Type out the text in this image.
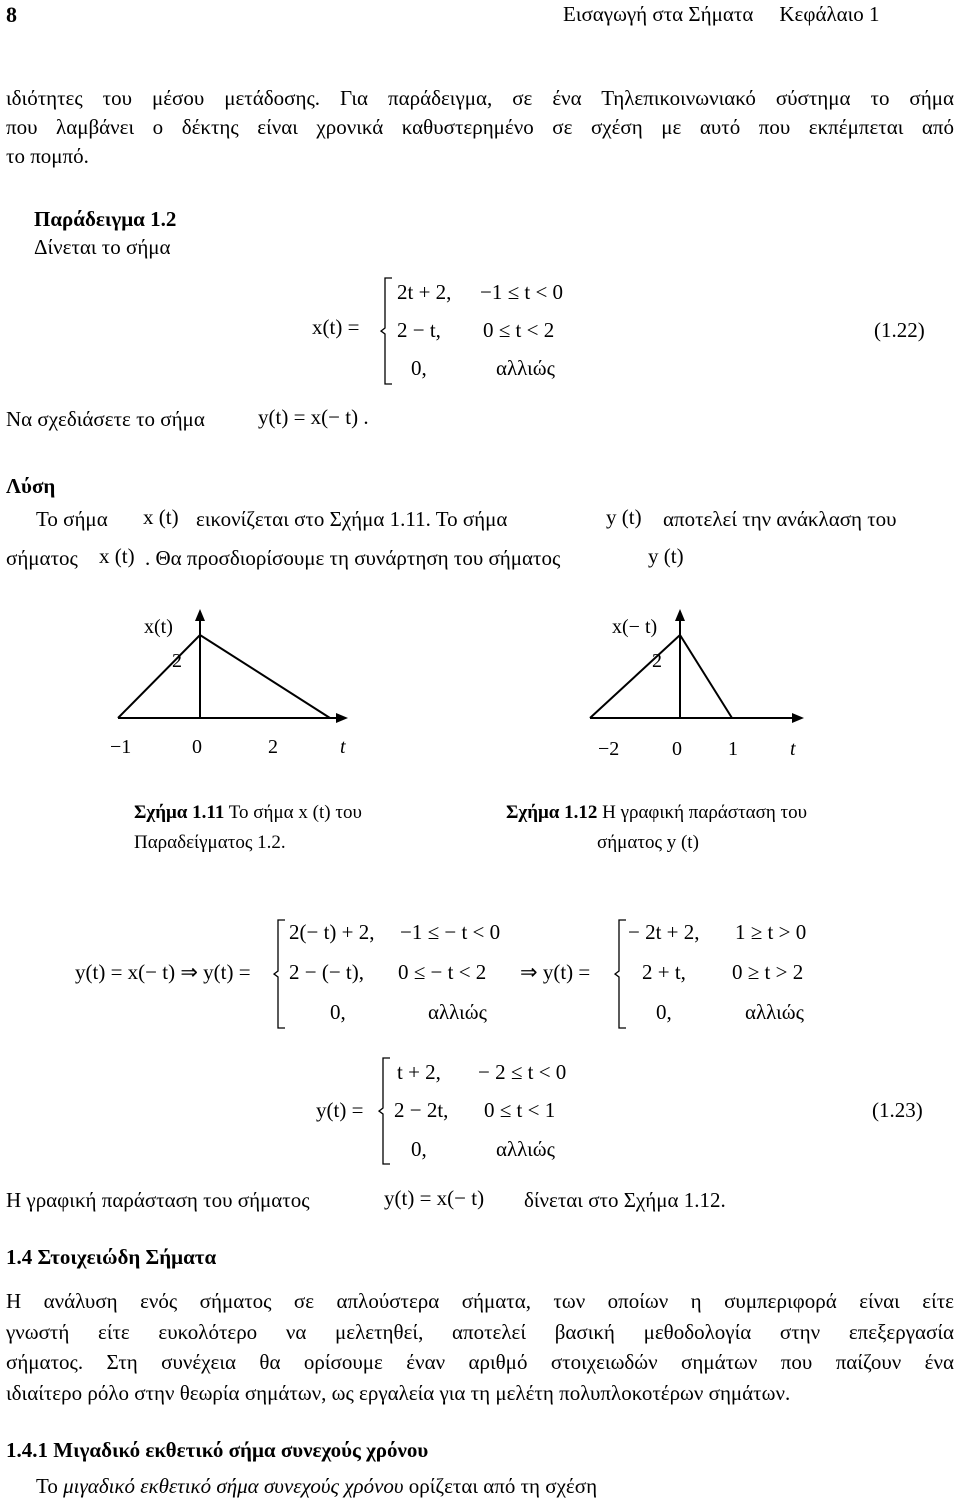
8	Εισαγωγή στα Σήματα Κεφάλαιο 1
ιδιότητες του μέσου μετάδοσης. Για παράδειγμα, σε ένα Τηλεπικοινωνιακό σύστημα το σήμα
που λαμβάνει ο δέκτης είναι χρονικά καθυστερημένο σε σχέση με αυτό που εκπέμπεται από
το πομπό.
Παράδειγμα 1.2
Δίνεται το σήμα
x(t) =
2t + 2, −1 ≤ t < 0
2 − t, 0 ≤ t < 2
0,	αλλιώς
(1.22)
Να σχεδιάσετε το σήμα	y(t) = x(− t) .
Λύση
Το σήμα x (t) εικονίζεται στο Σχήμα 1.11. Το σήμα	y (t) αποτελεί την ανάκλαση του
σήματος x (t) . Θα προσδιορίσουμε τη συνάρτηση του σήματος	y (t)
x(t)
2
−1	0	2	t
x(− t)
2
−2	0 1	t
Σχήμα 1.11 Το σήμα x (t) του
Παραδείγματος 1.2.
Σχήμα 1.12 Η γραφική παράσταση του
σήματος y (t)
y(t) = x(− t) ⇒ y(t) =
2(− t) + 2, −1 ≤ − t < 0
2 − (− t), 0 ≤ − t < 2
0,	αλλιώς
⇒ y(t) =
− 2t + 2, 1 ≥ t > 0
2 + t, 0 ≥ t > 2
0,	αλλιώς
y(t) =
t + 2, − 2 ≤ t < 0
2 − 2t, 0 ≤ t < 1
0,	αλλιώς
(1.23)
Η γραφική παράσταση του σήματος	y(t) = x(− t) δίνεται στο Σχήμα 1.12.
1.4 Στοιχειώδη Σήματα
Η ανάλυση ενός σήματος σε απλούστερα σήματα, των οποίων η συμπεριφορά είναι είτε
γνωστή είτε ευκολότερο να μελετηθεί, αποτελεί βασική μεθοδολογία στην επεξεργασία
σήματος. Στη συνέχεια θα ορίσουμε έναν αριθμό στοιχειωδών σημάτων που παίζουν ένα
ιδιαίτερο ρόλο στην θεωρία σημάτων, ως εργαλεία για τη μελέτη πολυπλοκοτέρων σημάτων.
1.4.1 Μιγαδικό εκθετικό σήμα συνεχούς χρόνου
Το μιγαδικό εκθετικό σήμα συνεχούς χρόνου ορίζεται από τη σχέση
